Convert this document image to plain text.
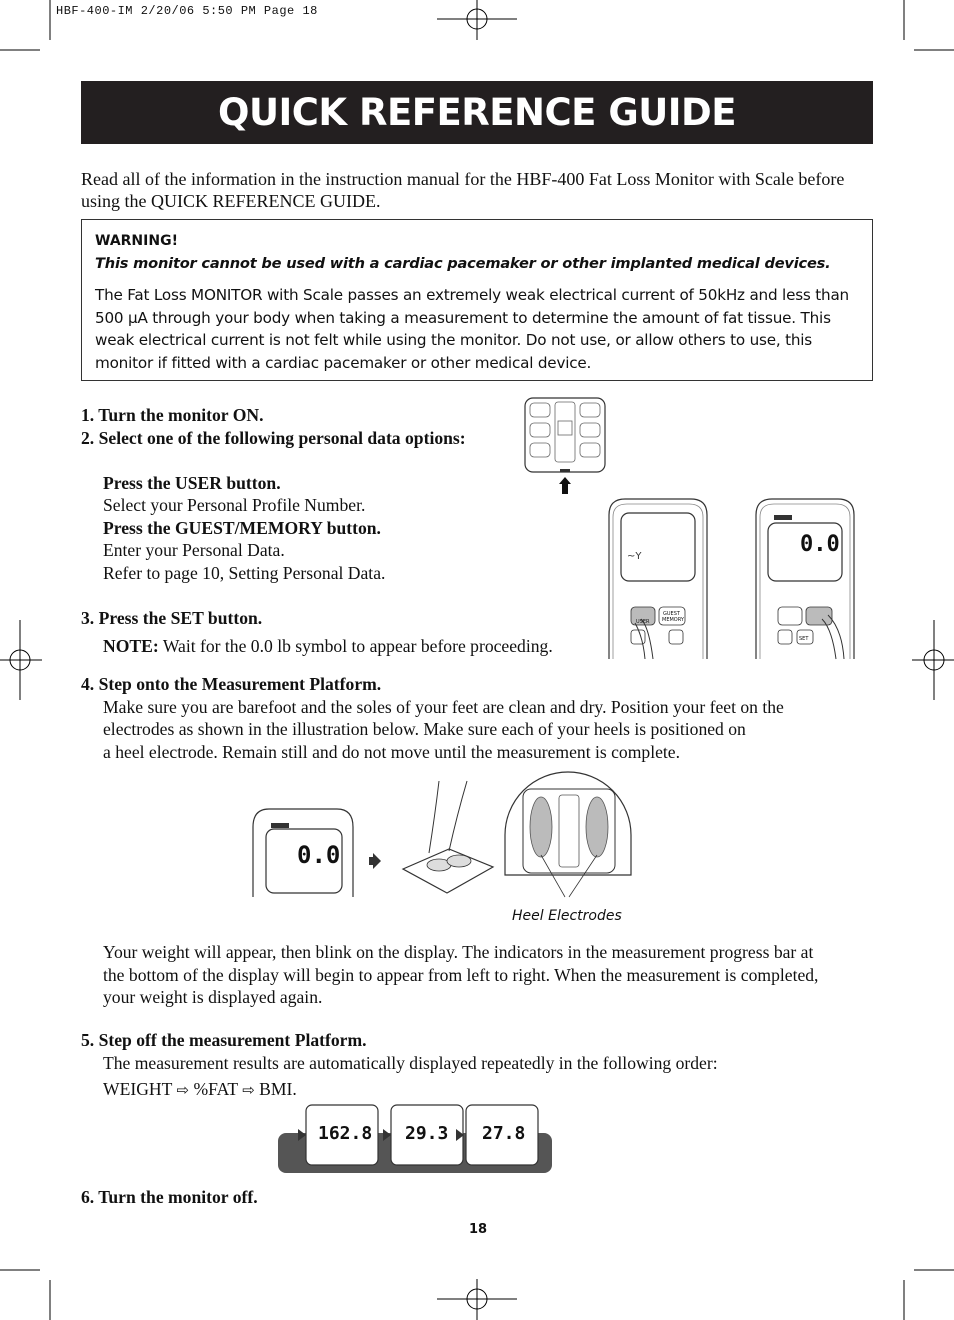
HBF-400-IM 2/20/06 5:50 PM Page 18
QUICK REFERENCE GUIDE
Read all of the information in the instruction manual for the HBF-400 Fat Loss Monitor with Scale before using the QUICK REFERENCE GUIDE.
WARNING!
This monitor cannot be used with a cardiac pacemaker or other implanted medical devices.
The Fat Loss MONITOR with Scale passes an extremely weak electrical current of 50kHz and less than 500 µA through your body when taking a measurement to determine the amount of fat tissue. This weak electrical current is not felt while using the monitor. Do not use, or allow others to use, this monitor if fitted with a cardiac pacemaker or other medical device.
1. Turn the monitor ON.
2. Select one of the following personal data options:
Press the USER button.
Select your Personal Profile Number.
Press the GUEST/MEMORY button.
Enter your Personal Data.
Refer to page 10, Setting Personal Data.
3. Press the SET button.
NOTE: Wait for the 0.0 lb symbol to appear before proceeding.
4. Step onto the Measurement Platform.
Make sure you are barefoot and the soles of your feet are clean and dry. Position your feet on the
electrodes as shown in the illustration below. Make sure each of your heels is positioned on
a heel electrode. Remain still and do not move until the measurement is complete.
Your weight will appear, then blink on the display. The indicators in the measurement progress bar at
the bottom of the display will begin to appear from left to right. When the measurement is completed,
your weight is displayed again.
5. Step off the measurement Platform.
The measurement results are automatically displayed repeatedly in the following order:
WEIGHT ⇨ %FAT ⇨ BMI.
6. Turn the monitor off.
18
~Y
USER
GUEST
MEMORY
0.0
SET
0.0
Heel Electrodes
162.8 29.3 27.8
